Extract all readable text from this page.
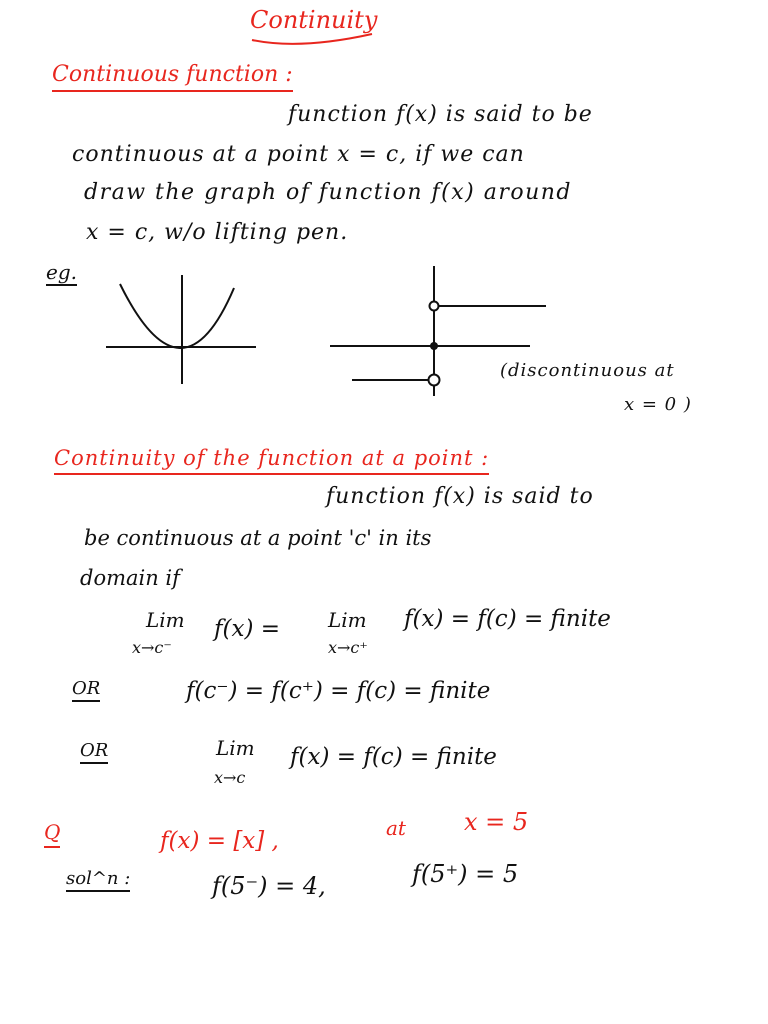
Continuity
Continuous function :
function f(x) is said to be
continuous at a point x = c, if we can
draw the graph of function f(x) around
x = c, w/o lifting pen.
eg.
(discontinuous at
x = 0 )
Continuity of the function at a point :
function f(x) is said to
be continuous at a point 'c' in its
domain if
Lim
x→c⁻
f(x) = Lim
x→c⁺
f(x) = f(c) = finite
OR	f(c⁻) = f(c⁺) = f(c) = finite
OR	Lim
x→c
f(x) = f(c) = finite
Q	f(x) = [x] ,	at x = 5
sol^n :	f(5⁻) = 4,	f(5⁺) = 5
